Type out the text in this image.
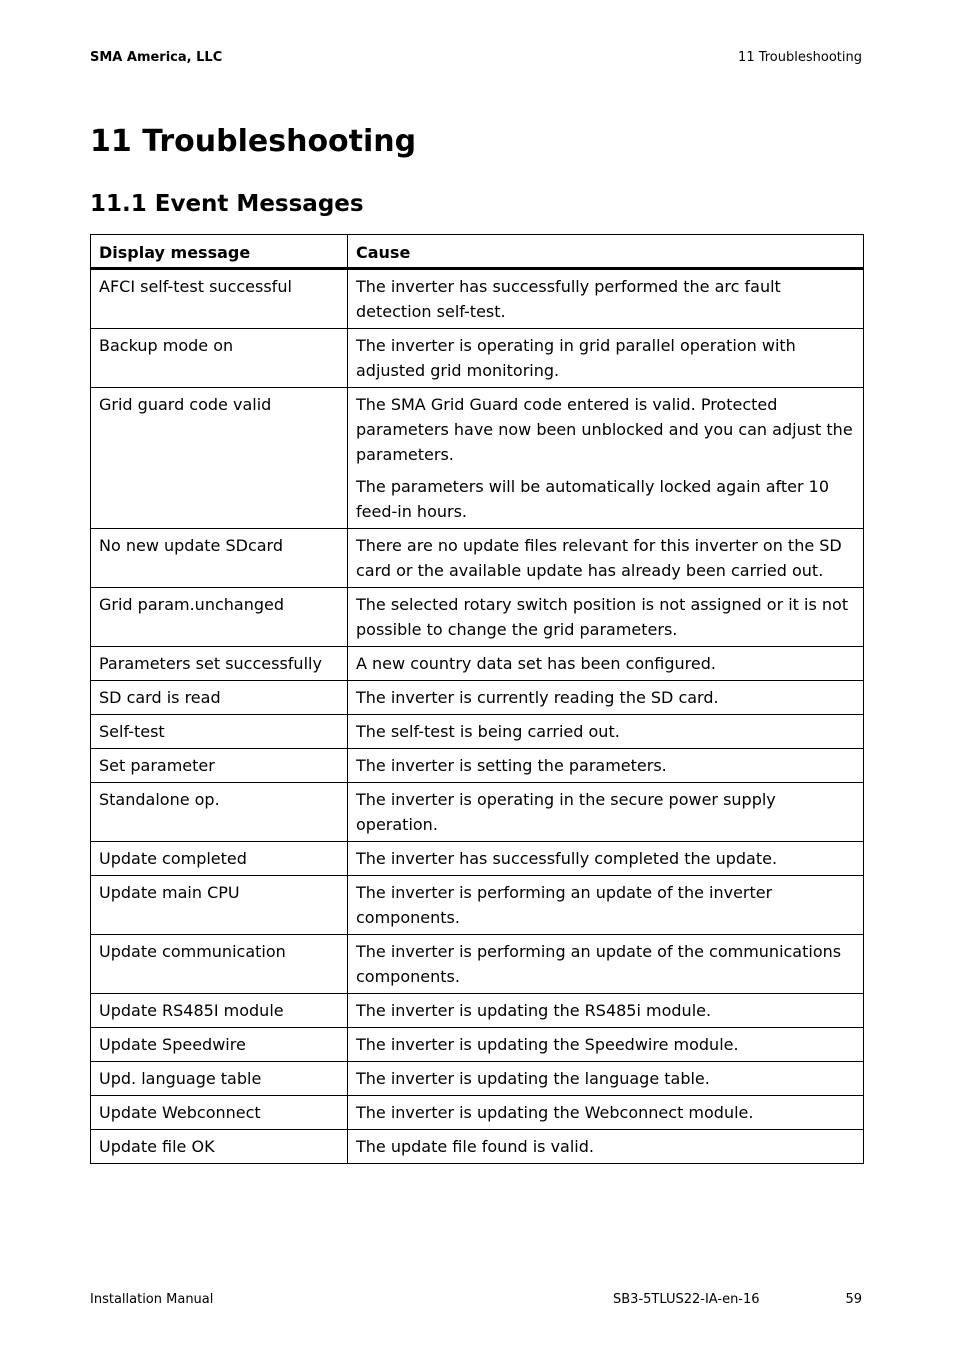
SMA America, LLC	11 Troubleshooting
11 Troubleshooting
11.1 Event Messages
Display message	Cause
AFCI self-test successful	The inverter has successfully performed the arc fault detection self-test.

Backup mode on	The inverter is operating in grid parallel operation with adjusted grid monitoring.

Grid guard code valid	The SMA Grid Guard code entered is valid. Protected parameters have now been unblocked and you can adjust the parameters.

The parameters will be automatically locked again after 10 feed-in hours.

No new update SDcard	There are no update files relevant for this inverter on the SD card or the available update has already been carried out.

Grid param.unchanged	The selected rotary switch position is not assigned or it is not possible to change the grid parameters.

Parameters set successfully	A new country data set has been configured.

SD card is read	The inverter is currently reading the SD card.

Self-test	The self-test is being carried out.

Set parameter	The inverter is setting the parameters.

Standalone op.	The inverter is operating in the secure power supply operation.

Update completed	The inverter has successfully completed the update.

Update main CPU	The inverter is performing an update of the inverter components.

Update communication	The inverter is performing an update of the communications components.

Update RS485I module	The inverter is updating the RS485i module.

Update Speedwire	The inverter is updating the Speedwire module.

Upd. language table	The inverter is updating the language table.

Update Webconnect	The inverter is updating the Webconnect module.

Update file OK	The update file found is valid.

Installation Manual	SB3-5TLUS22-IA-en-16	59
